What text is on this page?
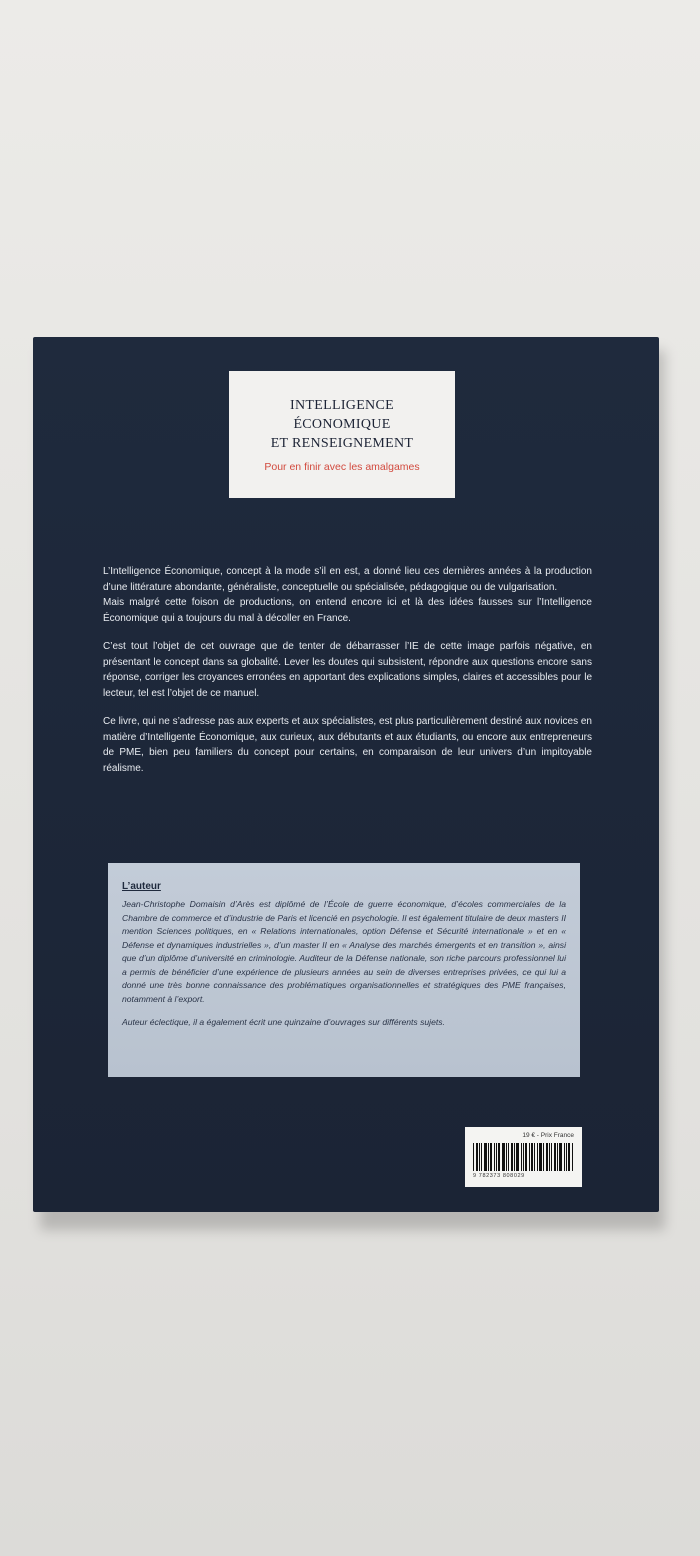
INTELLIGENCE
ÉCONOMIQUE
ET RENSEIGNEMENT
Pour en finir avec les amalgames

L’Intelligence Économique, concept à la mode s’il en est, a donné lieu ces dernières années à la production d’une littérature abondante, généraliste, conceptuelle ou spécialisée, pédagogique ou de vulgarisation.

Mais malgré cette foison de productions, on entend encore ici et là des idées fausses sur l’Intelligence Économique qui a toujours du mal à décoller en France.

C’est tout l’objet de cet ouvrage que de tenter de débarrasser l’IE de cette image parfois négative, en présentant le concept dans sa globalité. Lever les doutes qui subsistent, répondre aux questions encore sans réponse, corriger les croyances erronées en apportant des explications simples, claires et accessibles pour le lecteur, tel est l’objet de ce manuel.

Ce livre, qui ne s’adresse pas aux experts et aux spécialistes, est plus particulièrement destiné aux novices en matière d’Intelligente Économique, aux curieux, aux débutants et aux étudiants, ou encore aux entrepreneurs de PME, bien peu familiers du concept pour certains, en comparaison de leur univers d’un impitoyable réalisme.

L’auteur

Jean-Christophe Domaisin d’Arès est diplômé de l’École de guerre économique, d’écoles commerciales de la Chambre de commerce et d’industrie de Paris et licencié en psychologie. Il est également titulaire de deux masters II mention Sciences politiques, en « Relations internationales, option Défense et Sécurité internationale » et en « Défense et dynamiques industrielles », d’un master II en « Analyse des marchés émergents et en transition », ainsi que d’un diplôme d’université en criminologie. Auditeur de la Défense nationale, son riche parcours professionnel lui a permis de bénéficier d’une expérience de plusieurs années au sein de diverses entreprises privées, ce qui lui a donné une très bonne connaissance des problématiques organisationnelles et stratégiques des PME françaises, notamment à l’export.

Auteur éclectique, il a également écrit une quinzaine d’ouvrages sur différents sujets.

19 € - Prix France
9 782373 808029
